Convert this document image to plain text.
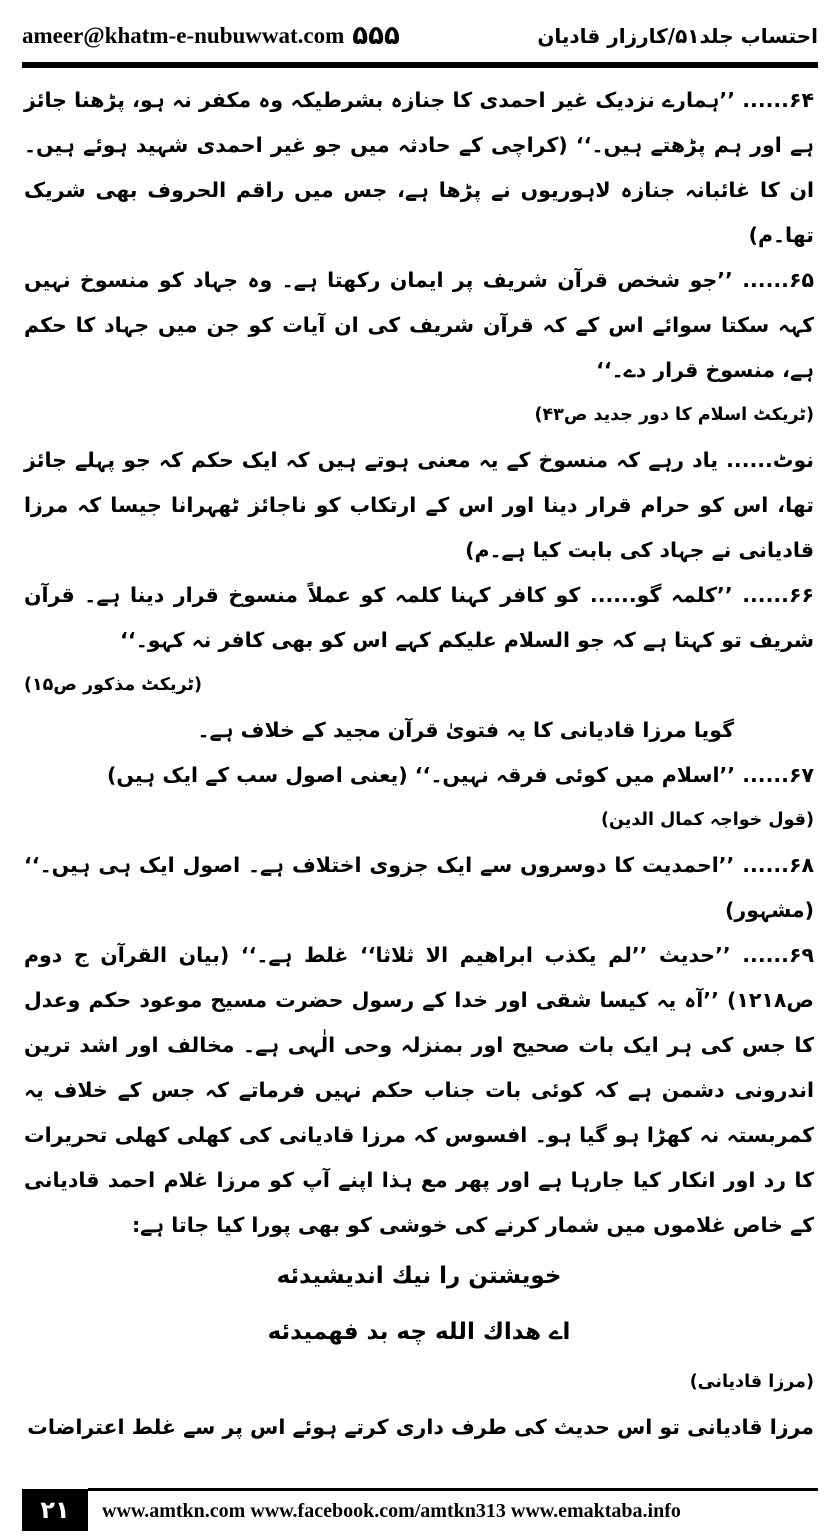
ameer@khatm-e-nubuwwat.com ۵۵۵	احتساب جلد۵۱/کارزار قادیان

۶۴...... ’’ہمارے نزدیک غیر احمدی کا جنازہ بشرطیکہ وہ مکفر نہ ہو، پڑھنا جائز ہے اور ہم پڑھتے ہیں۔‘‘ (کراچی کے حادثہ میں جو غیر احمدی شہید ہوئے ہیں۔ ان کا غائبانہ جنازہ لاہوریوں نے پڑھا ہے، جس میں راقم الحروف بھی شریک تھا۔م)

۶۵...... ’’جو شخص قرآن شریف پر ایمان رکھتا ہے۔ وہ جہاد کو منسوخ نہیں کہہ سکتا سوائے اس کے کہ قرآن شریف کی ان آیات کو جن میں جہاد کا حکم ہے، منسوخ قرار دے۔‘‘

(ٹریکٹ اسلام کا دور جدید ص۴۳)

نوٹ...... یاد رہے کہ منسوخ کے یہ معنی ہوتے ہیں کہ ایک حکم کہ جو پہلے جائز تھا، اس کو حرام قرار دینا اور اس کے ارتکاب کو ناجائز ٹھہرانا جیسا کہ مرزا قادیانی نے جہاد کی بابت کیا ہے۔م)

۶۶...... ’’کلمہ گو...... کو کافر کہنا کلمہ کو عملاً منسوخ قرار دینا ہے۔ قرآن شریف تو کہتا ہے کہ جو السلام علیکم کہے اس کو بھی کافر نہ کہو۔‘‘

(ٹریکٹ مذکور ص۱۵)

گویا مرزا قادیانی کا یہ فتویٰ قرآن مجید کے خلاف ہے۔

۶۷...... ’’اسلام میں کوئی فرقہ نہیں۔‘‘ (یعنی اصول سب کے ایک ہیں)

(قول خواجہ کمال الدین)

۶۸...... ’’احمدیت کا دوسروں سے ایک جزوی اختلاف ہے۔ اصول ایک ہی ہیں۔‘‘ (مشہور)

۶۹...... ’’حدیث ’’لم یکذب ابراھیم الا ثلاثا‘‘ غلط ہے۔‘‘ (بیان القرآن ج دوم ص۱۲۱۸) ’’آہ یہ کیسا شقی اور خدا کے رسول حضرت مسیح موعود حکم وعدل کا جس کی ہر ایک بات صحیح اور بمنزلہ وحی الٰہی ہے۔ مخالف اور اشد ترین اندرونی دشمن ہے کہ کوئی بات جناب حکم نہیں فرماتے کہ جس کے خلاف یہ کمربستہ نہ کھڑا ہو گیا ہو۔ افسوس کہ مرزا قادیانی کی کھلی کھلی تحریرات کا رد اور انکار کیا جارہا ہے اور پھر مع ہذا اپنے آپ کو مرزا غلام احمد قادیانی کے خاص غلاموں میں شمار کرنے کی خوشی کو بھی پورا کیا جاتا ہے:

خویشتن را نیك اندیشیدئه

اے ھداك الله چه بد فھمیدئه

(مرزا قادیانی)

مرزا قادیانی تو اس حدیث کی طرف داری کرتے ہوئے اس پر سے غلط اعتراضات

۲۱	www.amtkn.com www.facebook.com/amtkn313 www.emaktaba.info
